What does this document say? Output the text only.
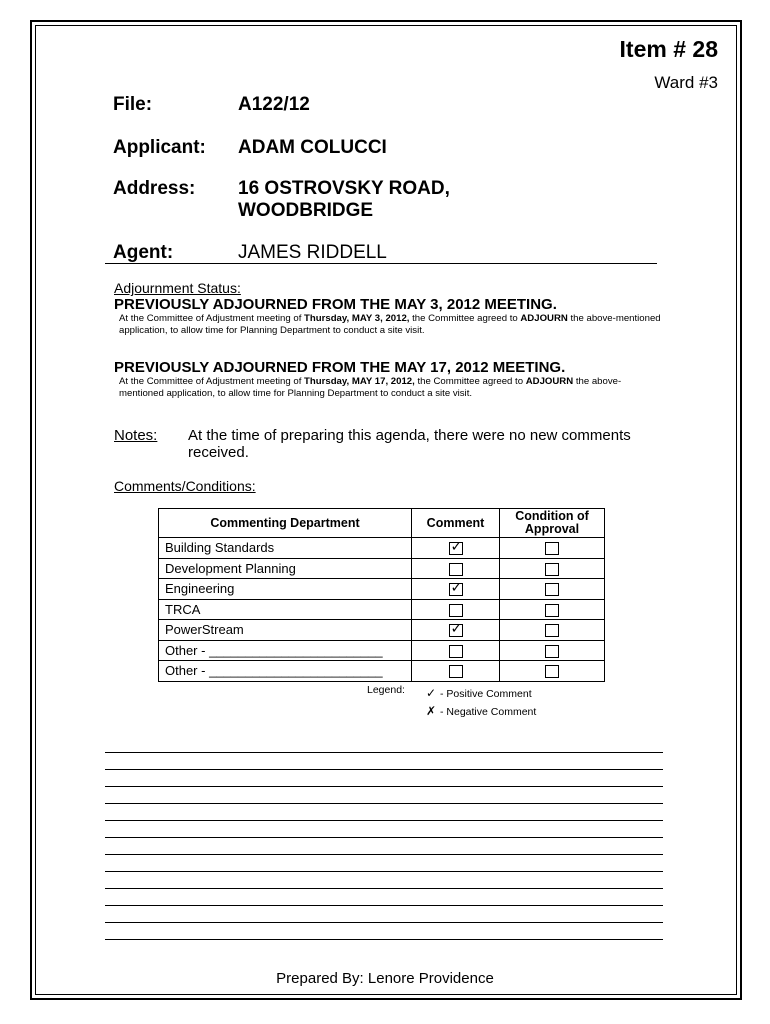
Item # 28
Ward #3
File:	A122/12
Applicant: ADAM COLUCCI
Address: 16 OSTROVSKY ROAD,
WOODBRIDGE
Agent:	JAMES RIDDELL
Adjournment Status:
PREVIOUSLY ADJOURNED FROM THE MAY 3, 2012 MEETING.
At the Committee of Adjustment meeting of Thursday, MAY 3, 2012, the Committee agreed to ADJOURN the above-mentioned application, to allow time for Planning Department to conduct a site visit.
PREVIOUSLY ADJOURNED FROM THE MAY 17, 2012 MEETING.
At the Committee of Adjustment meeting of Thursday, MAY 17, 2012, the Committee agreed to ADJOURN the above-mentioned application, to allow time for Planning Department to conduct a site visit.
Notes: At the time of preparing this agenda, there were no new comments received.
Comments/Conditions:
Commenting Department	Comment	Condition of Approval
Building Standards	✓	
Development Planning		
Engineering	✓	
TRCA		
PowerStream	✓	
Other - ________________________		
Other - ________________________		
Legend: ✓ - Positive Comment
✗ - Negative Comment
Prepared By: Lenore Providence
